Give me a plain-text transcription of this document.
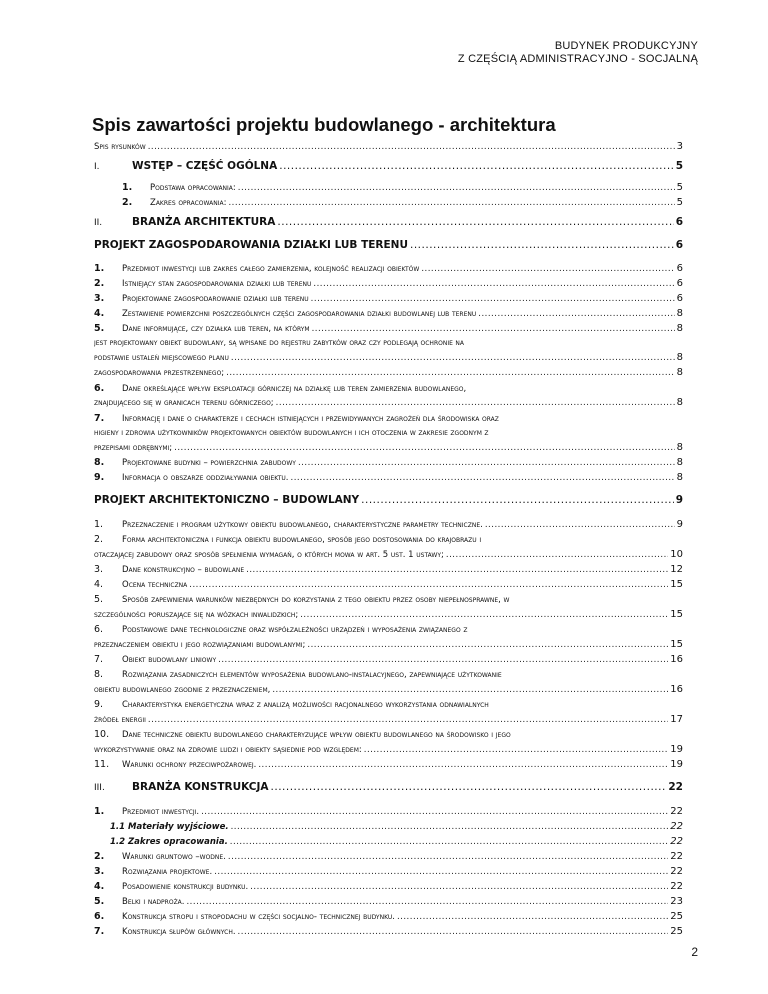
BUDYNEK PRODUKCYJNY
Z CZĘŚCIĄ ADMINISTRACYJNO - SOCJALNĄ
Spis zawartości projektu budowlanego - architektura
Spis rysunków .....	3
I.	WSTĘP – CZĘŚĆ OGÓLNA .....	5
1.	Podstawa opracowania: .....	5
2.	Zakres opracowania: .....	5
II.	BRANŻA ARCHITEKTURA .....	6
PROJEKT ZAGOSPODAROWANIA DZIAŁKI LUB TERENU .....	6
1.	Przedmiot inwestycji lub zakres całego zamierzenia, kolejność realizacji obiektów .....	6
2.	Istniejący stan zagospodarowania działki lub terenu .....	6
3.	Projektowane zagospodarowanie działki lub terenu .....	6
4.	Zestawienie powierzchni poszczególnych części zagospodarowania działki budowlanej lub terenu .....	8
5.	Dane informujące, czy działka lub teren, na którym .....	8
jest projektowany obiekt budowlany, są wpisane do rejestru zabytków oraz czy podlegają ochronie na
podstawie ustaleń miejscowego planu .....	8
zagospodarowania przestrzennego; .....	8
6.	Dane określające wpływ eksploatacji górniczej na działkę lub teren zamierzenia budowlanego,
znajdującego się w granicach terenu górniczego; .....	8
7.	Informację i dane o charakterze i cechach istniejących i przewidywanych zagrożeń dla środowiska oraz
higieny i zdrowia użytkowników projektowanych obiektów budowlanych i ich otoczenia w zakresie zgodnym z
przepisami odrębnymi; .....	8
8.	Projektowane budynki – powierzchnia zabudowy .....	8
9.	Informacja o obszarze oddziaływania obiektu. .....	8
PROJEKT ARCHITEKTONICZNO – BUDOWLANY .....	9
1.	Przeznaczenie i program użytkowy obiektu budowlanego, charakterystyczne parametry techniczne. .....	9
2.	Forma architektoniczna i funkcja obiektu budowlanego, sposób jego dostosowania do krajobrazu i
otaczającej zabudowy oraz sposób spełnienia wymagań, o których mowa w art. 5 ust. 1 ustawy; .....	10
3.	Dane konstrukcyjno – budowlane .....	12
4.	Ocena techniczna .....	15
5.	Sposób zapewnienia warunków niezbędnych do korzystania z tego obiektu przez osoby niepełnosprawne, w
szczególności poruszające się na wózkach inwalidzkich; .....	15
6.	Podstawowe dane technologiczne oraz współzależności urządzeń i wyposażenia związanego z
przeznaczeniem obiektu i jego rozwiązaniami budowlanymi; .....	15
7.	Obiekt budowlany liniowy .....	16
8.	Rozwiązania zasadniczych elementów wyposażenia budowlano-instalacyjnego, zapewniające użytkowanie
obiektu budowlanego zgodnie z przeznaczeniem, .....	16
9.	Charakterystyka energetyczna wraz z analizą możliwości racjonalnego wykorzystania odnawialnych
źródeł energii .....	17
10.	Dane techniczne obiektu budowlanego charakteryzujące wpływ obiektu budowlanego na środowisko i jego
wykorzystywanie oraz na zdrowie ludzi i obiekty sąsiednie pod względem: .....	19
11.	Warunki ochrony przeciwpożarowej. .....	19
III.	BRANŻA KONSTRUKCJA .....	22
1.	Przedmiot inwestycji. .....	22
1.1 Materiały wyjściowe. .....	22
1.2 Zakres opracowania. .....	22
2.	Warunki gruntowo –wodne. .....	22
3.	Rozwiązania projektowe. .....	22
4.	Posadowienie konstrukcji budynku. .....	22
5.	Belki i nadproża. .....	23
6.	Konstrukcja stropu i stropodachu w części socjalno- technicznej budynku. .....	25
7.	Konstrukcja słupów głównych. .....	25
2
